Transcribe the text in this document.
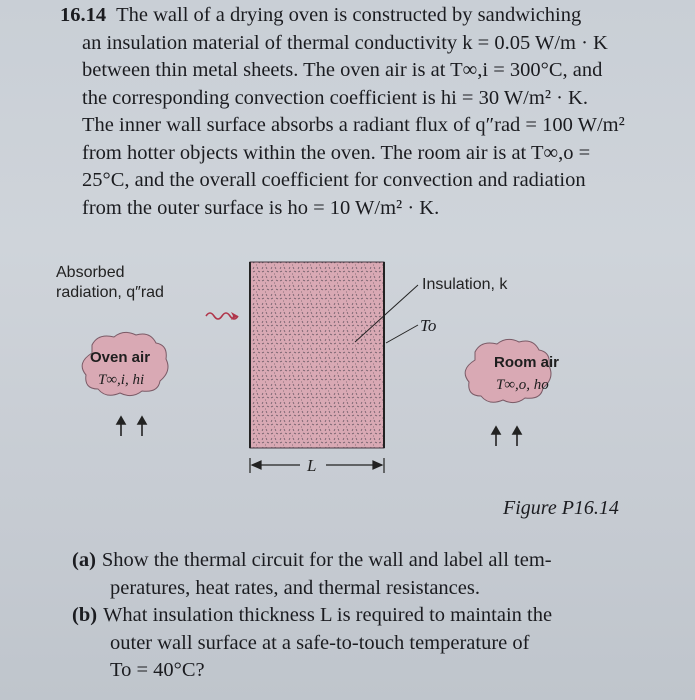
16.14 The wall of a drying oven is constructed by sandwiching
an insulation material of thermal conductivity k = 0.05 W/m · K
between thin metal sheets. The oven air is at T∞,i = 300°C, and
the corresponding convection coefficient is hi = 30 W/m² · K.
The inner wall surface absorbs a radiant flux of q″rad = 100 W/m²
from hotter objects within the oven. The room air is at T∞,o =
25°C, and the overall coefficient for convection and radiation
from the outer surface is ho = 10 W/m² · K.
L
Oven air
T∞,i, hi
Room air
T∞,o, ho
Absorbed
radiation, q″rad	Insulation, k
To
Figure P16.14
(a) Show the thermal circuit for the wall and label all tem-
peratures, heat rates, and thermal resistances.
(b) What insulation thickness L is required to maintain the
outer wall surface at a safe-to-touch temperature of
To = 40°C?
